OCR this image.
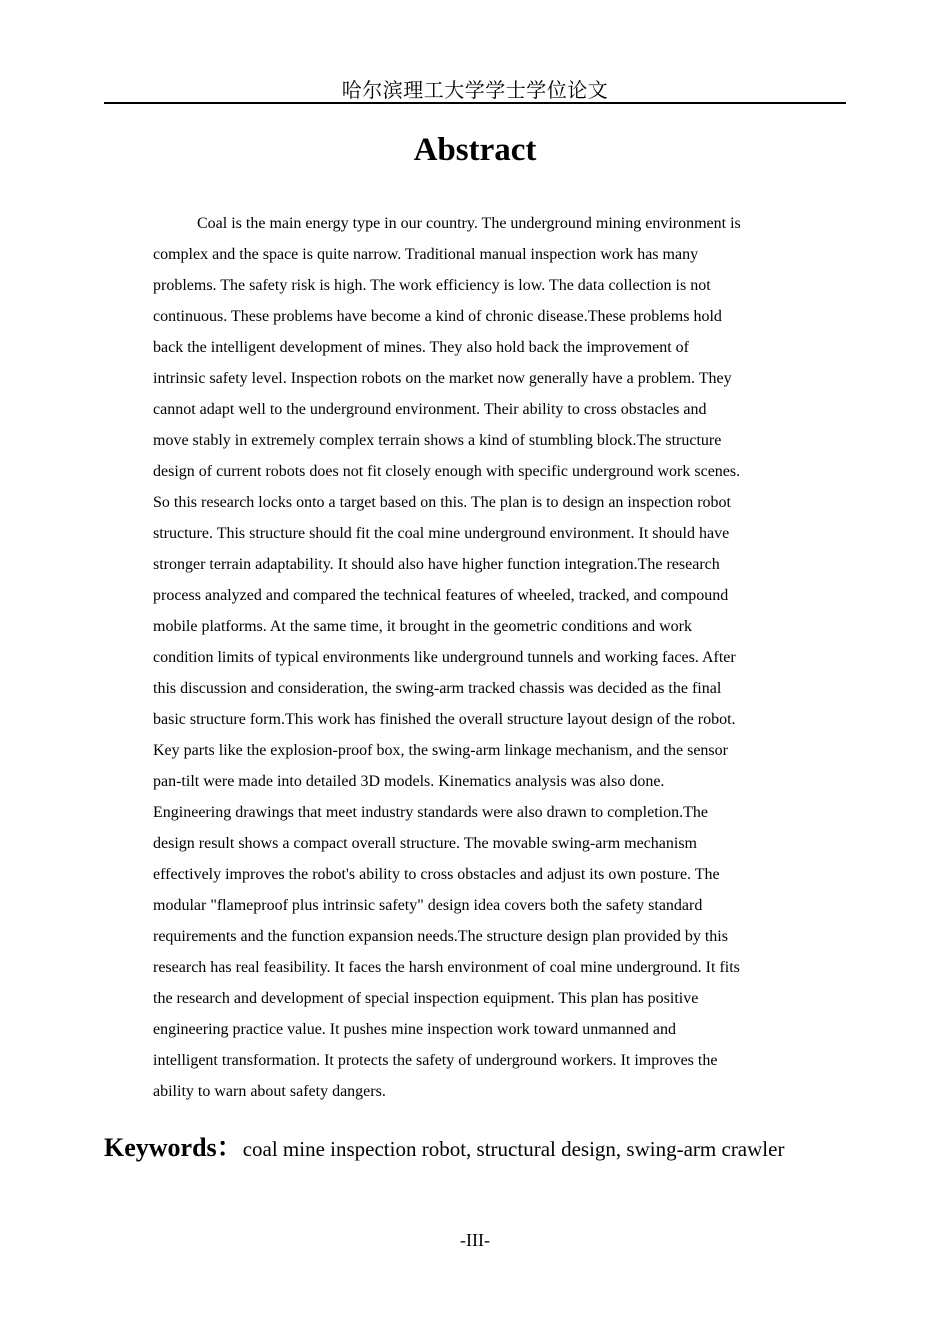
哈尔滨理工大学学士学位论文
Abstract
Coal is the main energy type in our country. The underground mining environment is
complex and the space is quite narrow. Traditional manual inspection work has many
problems. The safety risk is high. The work efficiency is low. The data collection is not
continuous. These problems have become a kind of chronic disease.These problems hold
back the intelligent development of mines. They also hold back the improvement of
intrinsic safety level. Inspection robots on the market now generally have a problem. They
cannot adapt well to the underground environment. Their ability to cross obstacles and
move stably in extremely complex terrain shows a kind of stumbling block.The structure
design of current robots does not fit closely enough with specific underground work scenes.
So this research locks onto a target based on this. The plan is to design an inspection robot
structure. This structure should fit the coal mine underground environment. It should have
stronger terrain adaptability. It should also have higher function integration.The research
process analyzed and compared the technical features of wheeled, tracked, and compound
mobile platforms. At the same time, it brought in the geometric conditions and work
condition limits of typical environments like underground tunnels and working faces. After
this discussion and consideration, the swing-arm tracked chassis was decided as the final
basic structure form.This work has finished the overall structure layout design of the robot.
Key parts like the explosion-proof box, the swing-arm linkage mechanism, and the sensor
pan-tilt were made into detailed 3D models. Kinematics analysis was also done.
Engineering drawings that meet industry standards were also drawn to completion.The
design result shows a compact overall structure. The movable swing-arm mechanism
effectively improves the robot's ability to cross obstacles and adjust its own posture. The
modular "flameproof plus intrinsic safety" design idea covers both the safety standard
requirements and the function expansion needs.The structure design plan provided by this
research has real feasibility. It faces the harsh environment of coal mine underground. It fits
the research and development of special inspection equipment. This plan has positive
engineering practice value. It pushes mine inspection work toward unmanned and
intelligent transformation. It protects the safety of underground workers. It improves the
ability to warn about safety dangers.
Keywords：coal mine inspection robot, structural design, swing-arm crawler
-III-
